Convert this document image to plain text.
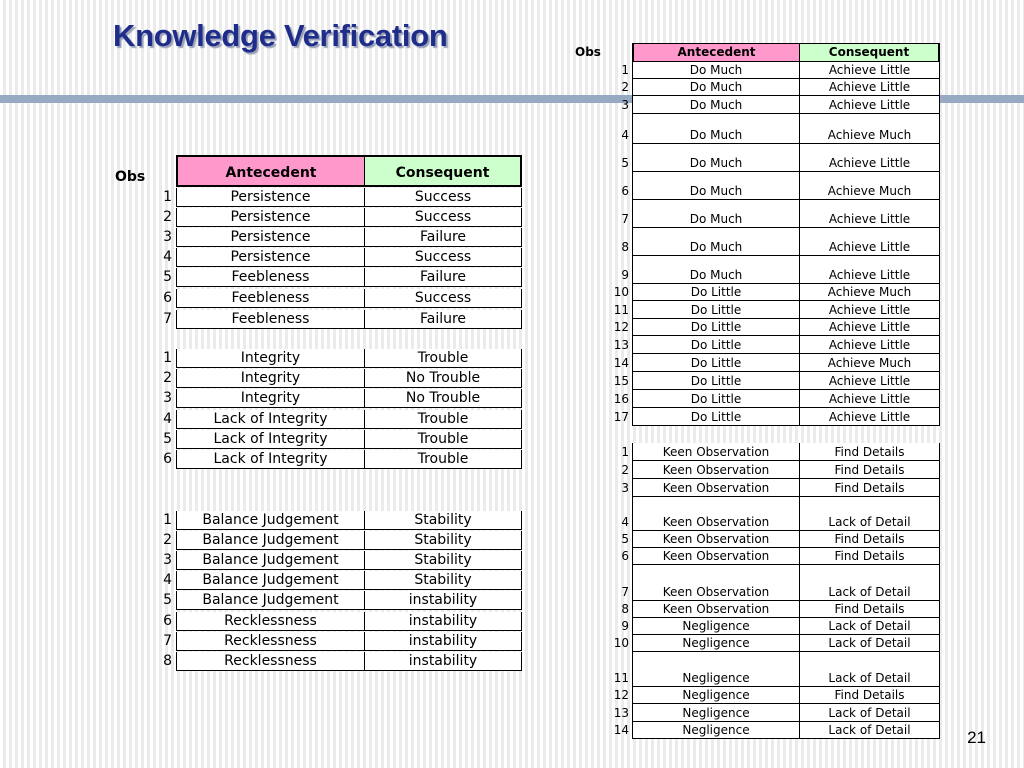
Knowledge Verification
21
Obs	Antecedent	Consequent
1	Persistence	Success
2	Persistence	Success
3	Persistence	Failure
4	Persistence	Success
5	Feebleness	Failure
6	Feebleness	Success
7	Feebleness	Failure
1	Integrity	Trouble
2	Integrity	No Trouble
3	Integrity	No Trouble
4	Lack of Integrity	Trouble
5	Lack of Integrity	Trouble
6	Lack of Integrity	Trouble
1	Balance Judgement	Stability
2	Balance Judgement	Stability
3	Balance Judgement	Stability
4	Balance Judgement	Stability
5	Balance Judgement	instability
6	Recklessness	instability
7	Recklessness	instability
8	Recklessness	instability
Obs	Antecedent	Consequent
1	Do Much	Achieve Little
2	Do Much	Achieve Little
3	Do Much	Achieve Little
4	Do Much	Achieve Much
5	Do Much	Achieve Little
6	Do Much	Achieve Much
7	Do Much	Achieve Little
8	Do Much	Achieve Little
9	Do Much	Achieve Little
10	Do Little	Achieve Much
11	Do Little	Achieve Little
12	Do Little	Achieve Little
13	Do Little	Achieve Little
14	Do Little	Achieve Much
15	Do Little	Achieve Little
16	Do Little	Achieve Little
17	Do Little	Achieve Little
1	Keen Observation	Find Details
2	Keen Observation	Find Details
3	Keen Observation	Find Details
4	Keen Observation	Lack of Detail
5	Keen Observation	Find Details
6	Keen Observation	Find Details
7	Keen Observation	Lack of Detail
8	Keen Observation	Find Details
9	Negligence	Lack of Detail
10	Negligence	Lack of Detail
11	Negligence	Lack of Detail
12	Negligence	Find Details
13	Negligence	Lack of Detail
14	Negligence	Lack of Detail
